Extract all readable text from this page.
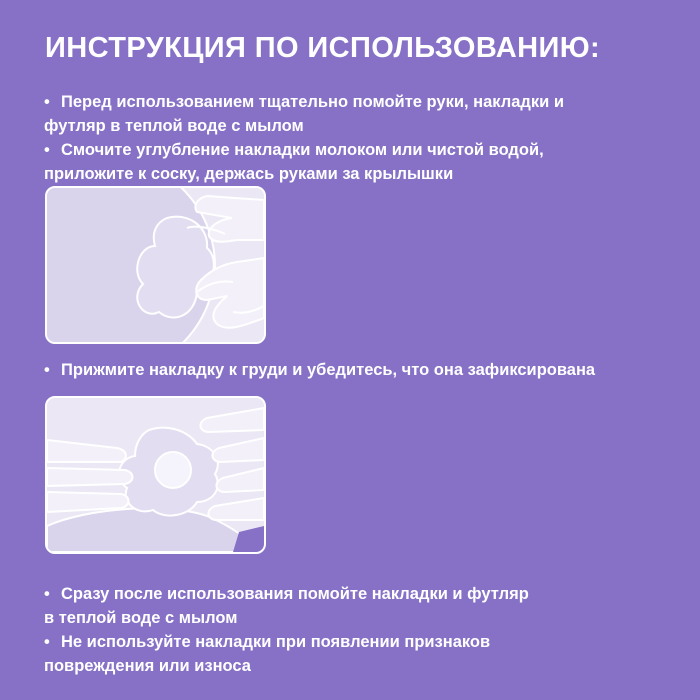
ИНСТРУКЦИЯ ПО ИСПОЛЬЗОВАНИЮ:

• Перед использованием тщательно помойте руки, накладки и

футляр в теплой воде с мылом

• Смочите углубление накладки молоком или чистой водой,

приложите к соску, держась руками за крылышки

• Прижмите накладку к груди и убедитесь, что она зафиксирована

• Сразу после использования помойте накладки и футляр

в теплой воде с мылом

• Не используйте накладки при появлении признаков

повреждения или износа
